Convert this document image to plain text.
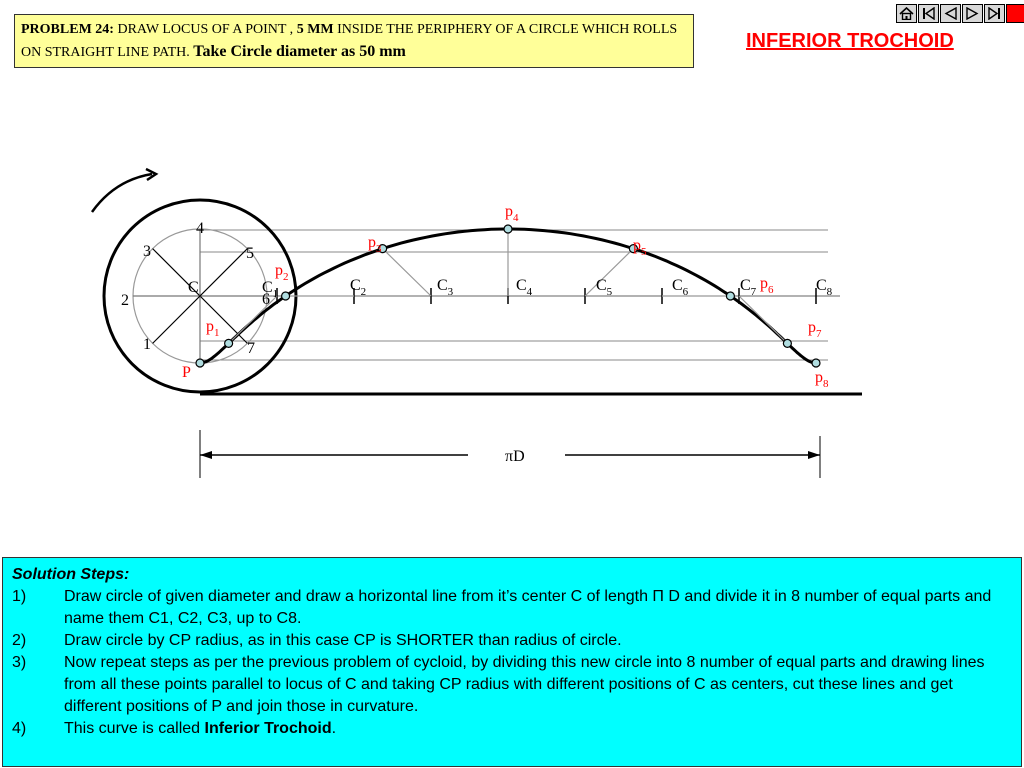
PROBLEM 24: DRAW LOCUS OF A POINT , 5 MM INSIDE THE PERIPHERY OF A CIRCLE WHICH ROLLS ON STRAIGHT LINE PATH. Take Circle diameter as 50 mm	INFERIOR TROCHOID
C
P
1
2
3
4
5
6
7
$C_1$	$C_2$	$C_3$	$C_4$	$C_5$	$C_6$	$C_7$	$C_8$
$p_1$
$p_2$
$p_3$
$p_4$
$p_5$
$p_6$
$p_7$
$p_8$
πD
Solution Steps:
1)	Draw circle of given diameter and draw a horizontal line from it’s center C of length Π D and divide it in 8 number of equal parts and name them C1, C2, C3, up to C8.
2)	Draw circle by CP radius, as in this case CP is SHORTER than radius of circle.
3)	Now repeat steps as per the previous problem of cycloid, by dividing this new circle into 8 number of equal parts and drawing lines from all these points parallel to locus of C and taking CP radius with different positions of C as centers, cut these lines and get different positions of P and join those in curvature.
4)	This curve is called Inferior Trochoid.
